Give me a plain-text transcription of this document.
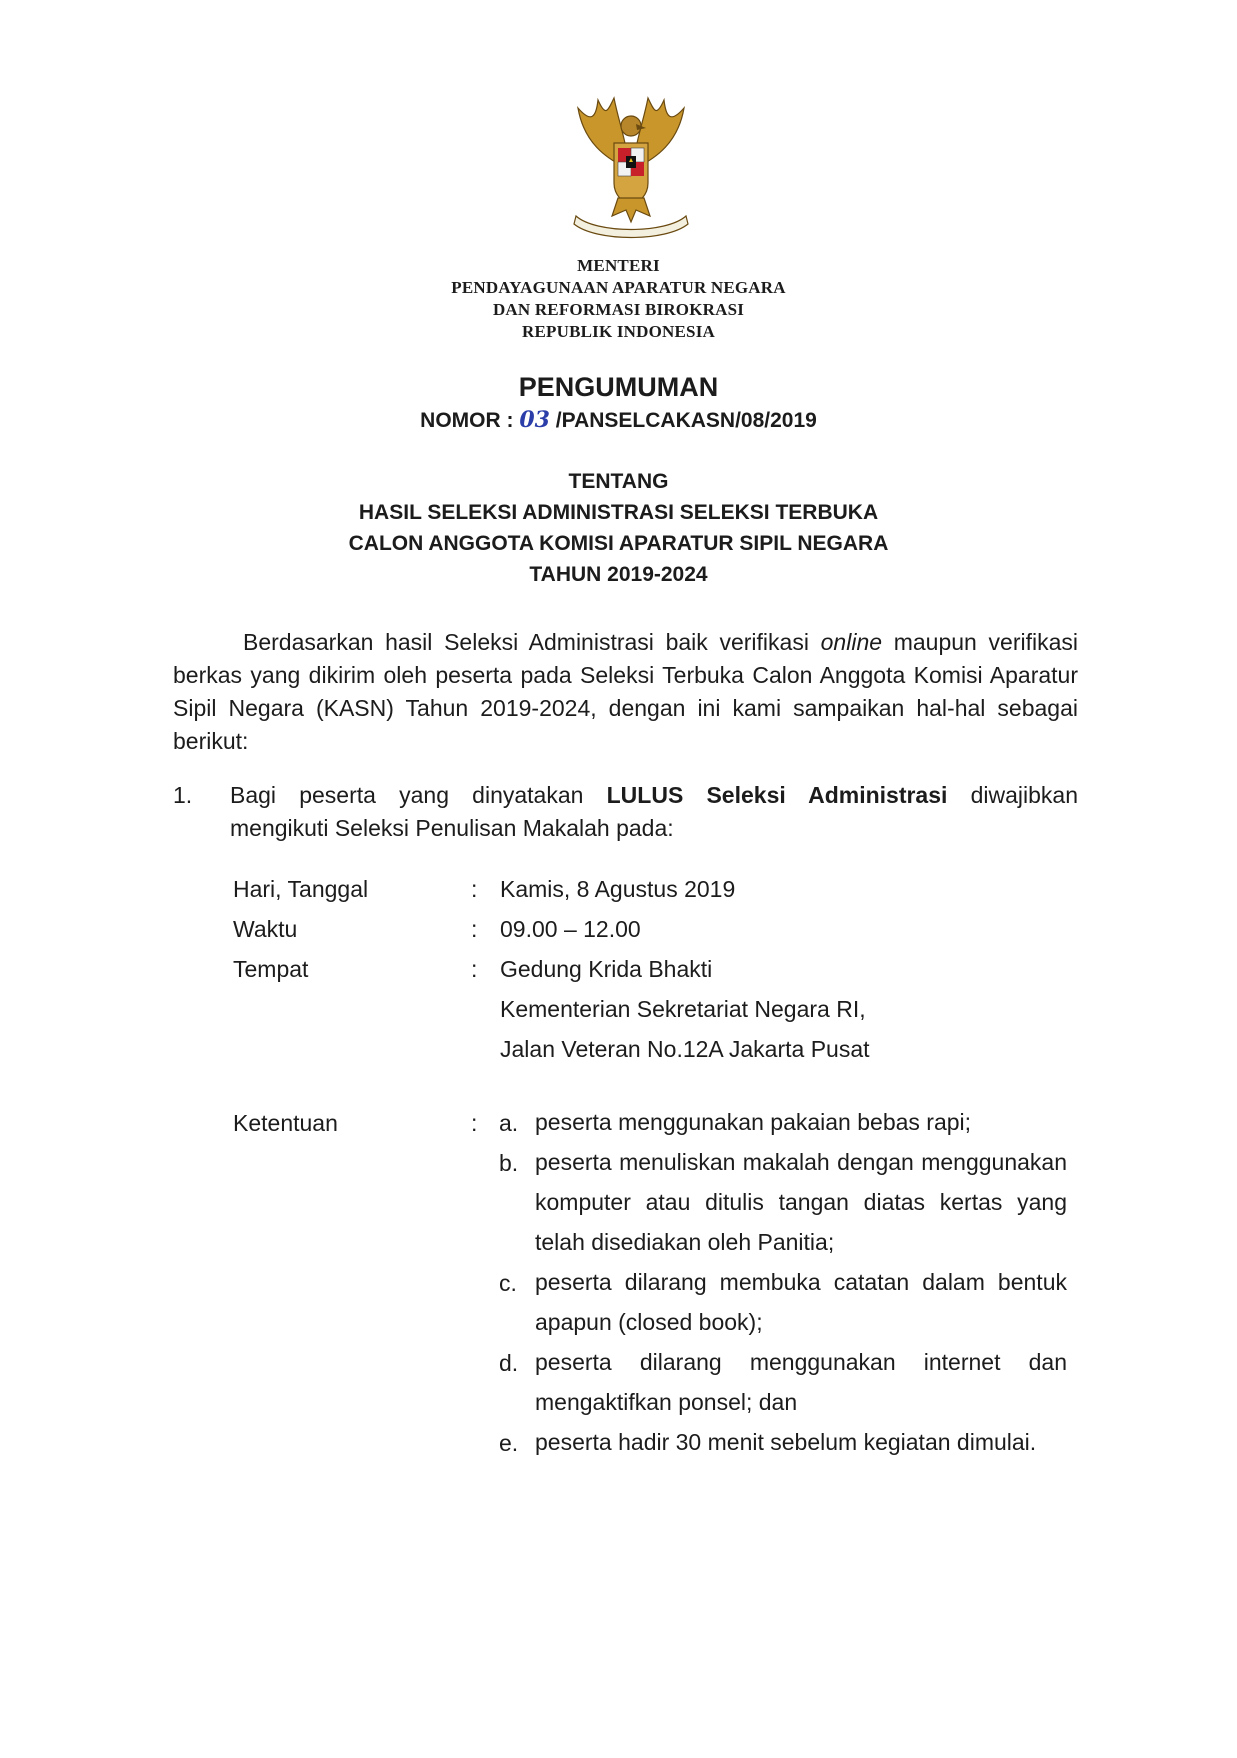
MENTERI
PENDAYAGUNAAN APARATUR NEGARA
DAN REFORMASI BIROKRASI
REPUBLIK INDONESIA
PENGUMUMAN
NOMOR : 03 /PANSELCAKASN/08/2019
TENTANG
HASIL SELEKSI ADMINISTRASI SELEKSI TERBUKA
CALON ANGGOTA KOMISI APARATUR SIPIL NEGARA
TAHUN 2019-2024
Berdasarkan hasil Seleksi Administrasi baik verifikasi online maupun verifikasi berkas yang dikirim oleh peserta pada Seleksi Terbuka Calon Anggota Komisi Aparatur Sipil Negara (KASN) Tahun 2019-2024, dengan ini kami sampaikan hal-hal sebagai berikut:
1. Bagi peserta yang dinyatakan LULUS Seleksi Administrasi diwajibkan
mengikuti Seleksi Penulisan Makalah pada:
Hari, Tanggal	: Kamis, 8 Agustus 2019
Waktu	: 09.00 – 12.00
Tempat	: Gedung Krida Bhakti
Kementerian Sekretariat Negara RI,
Jalan Veteran No.12A Jakarta Pusat
Ketentuan	: a. peserta menggunakan pakaian bebas rapi;
b. peserta menuliskan makalah dengan menggunakan komputer atau ditulis tangan diatas kertas yang telah disediakan oleh Panitia;
c. peserta dilarang membuka catatan dalam bentuk apapun (closed book);
d. peserta dilarang menggunakan internet dan mengaktifkan ponsel; dan
e. peserta hadir 30 menit sebelum kegiatan dimulai.
